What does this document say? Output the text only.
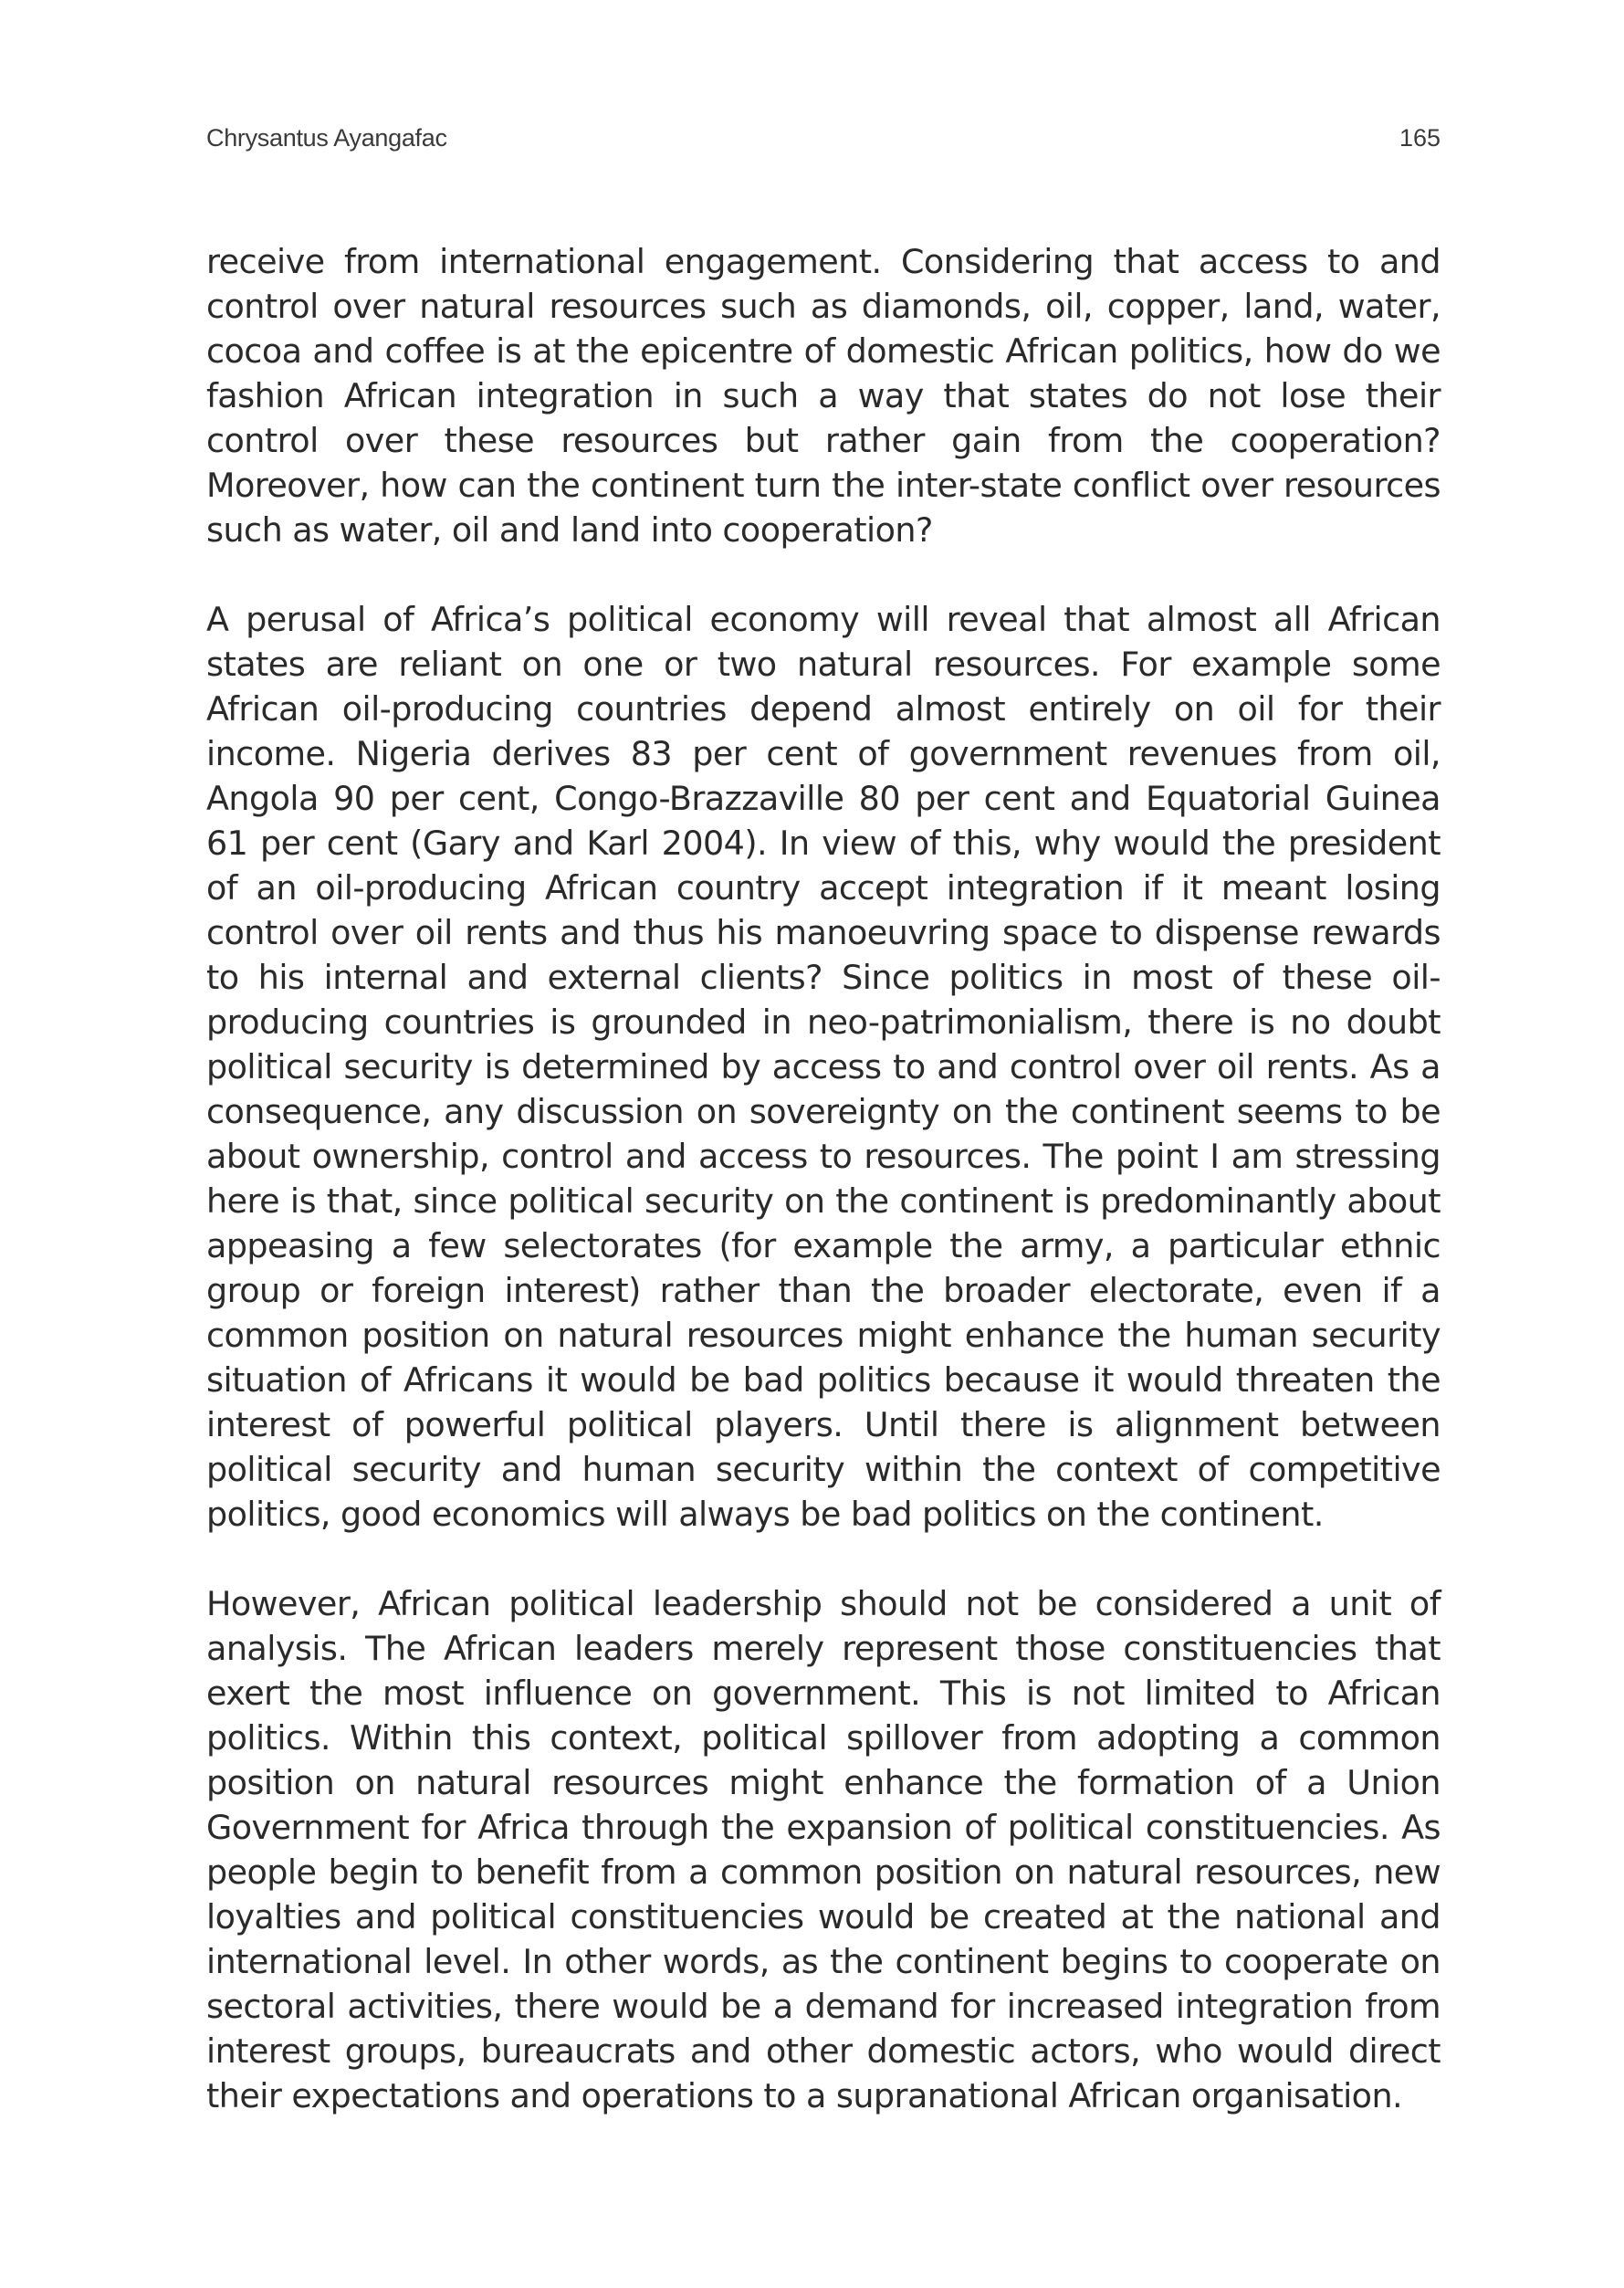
Chrysantus Ayangafac	165

receive from international engagement. Considering that access to and control over natural resources such as diamonds, oil, copper, land, water, cocoa and coffee is at the epicentre of domestic African politics, how do we fashion African integration in such a way that states do not lose their control over these resources but rather gain from the cooperation? Moreover, how can the continent turn the inter-state conflict over resources such as water, oil and land into cooperation?

A perusal of Africa’s political economy will reveal that almost all African states are reliant on one or two natural resources. For example some African oil-producing countries depend almost entirely on oil for their income. Nigeria derives 83 per cent of government revenues from oil, Angola 90 per cent, Congo-Brazzaville 80 per cent and Equatorial Guinea 61 per cent (Gary and Karl 2004). In view of this, why would the president of an oil-producing African country accept integration if it meant losing control over oil rents and thus his manoeuvring space to dispense rewards to his internal and external clients? Since politics in most of these oil-producing countries is grounded in neo-patrimonialism, there is no doubt political security is determined by access to and control over oil rents. As a consequence, any discussion on sovereignty on the continent seems to be about ownership, control and access to resources. The point I am stressing here is that, since political security on the continent is predominantly about appeasing a few selectorates (for example the army, a particular ethnic group or foreign interest) rather than the broader electorate, even if a common position on natural resources might enhance the human security situation of Africans it would be bad politics because it would threaten the interest of powerful political players. Until there is alignment between political security and human security within the context of competitive politics, good economics will always be bad politics on the continent.

However, African political leadership should not be considered a unit of analysis. The African leaders merely represent those constituencies that exert the most influence on government. This is not limited to African politics. Within this context, political spillover from adopting a common position on natural resources might enhance the formation of a Union Government for Africa through the expansion of political constituencies. As people begin to benefit from a common position on natural resources, new loyalties and political constituencies would be created at the national and international level. In other words, as the continent begins to cooperate on sectoral activities, there would be a demand for increased integration from interest groups, bureaucrats and other domestic actors, who would direct their expectations and operations to a supranational African organisation.
